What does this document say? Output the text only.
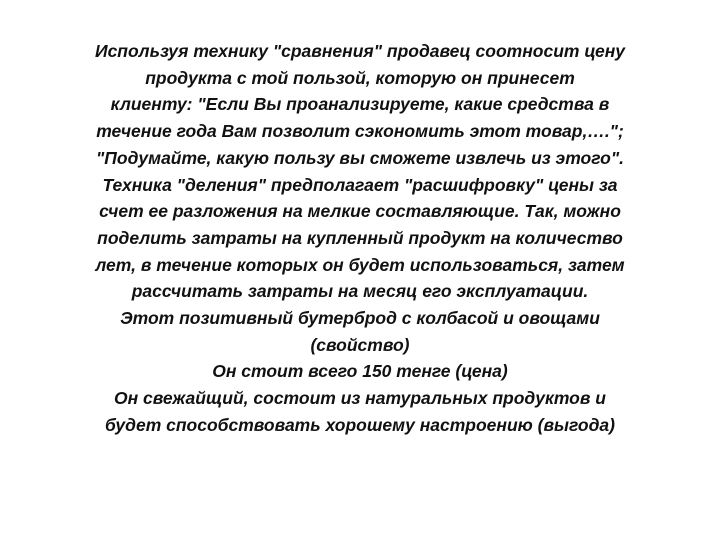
Используя технику "сравнения" продавец соотносит цену
продукта с той пользой, которую он принесет
клиенту: "Если Вы проанализируете, какие средства в
течение года Вам позволит сэкономить этот товар,….";
"Подумайте, какую пользу вы сможете извлечь из этого".
Техника "деления" предполагает "расшифровку" цены за
счет ее разложения на мелкие составляющие. Так, можно
поделить затраты на купленный продукт на количество
лет, в течение которых он будет использоваться, затем
рассчитать затраты на месяц его эксплуатации.
Этот позитивный бутерброд с колбасой и овощами
(свойство)
Он стоит всего 150 тенге (цена)
Он свежайщий, состоит из натуральных продуктов и
будет способствовать хорошему настроению (выгода)
